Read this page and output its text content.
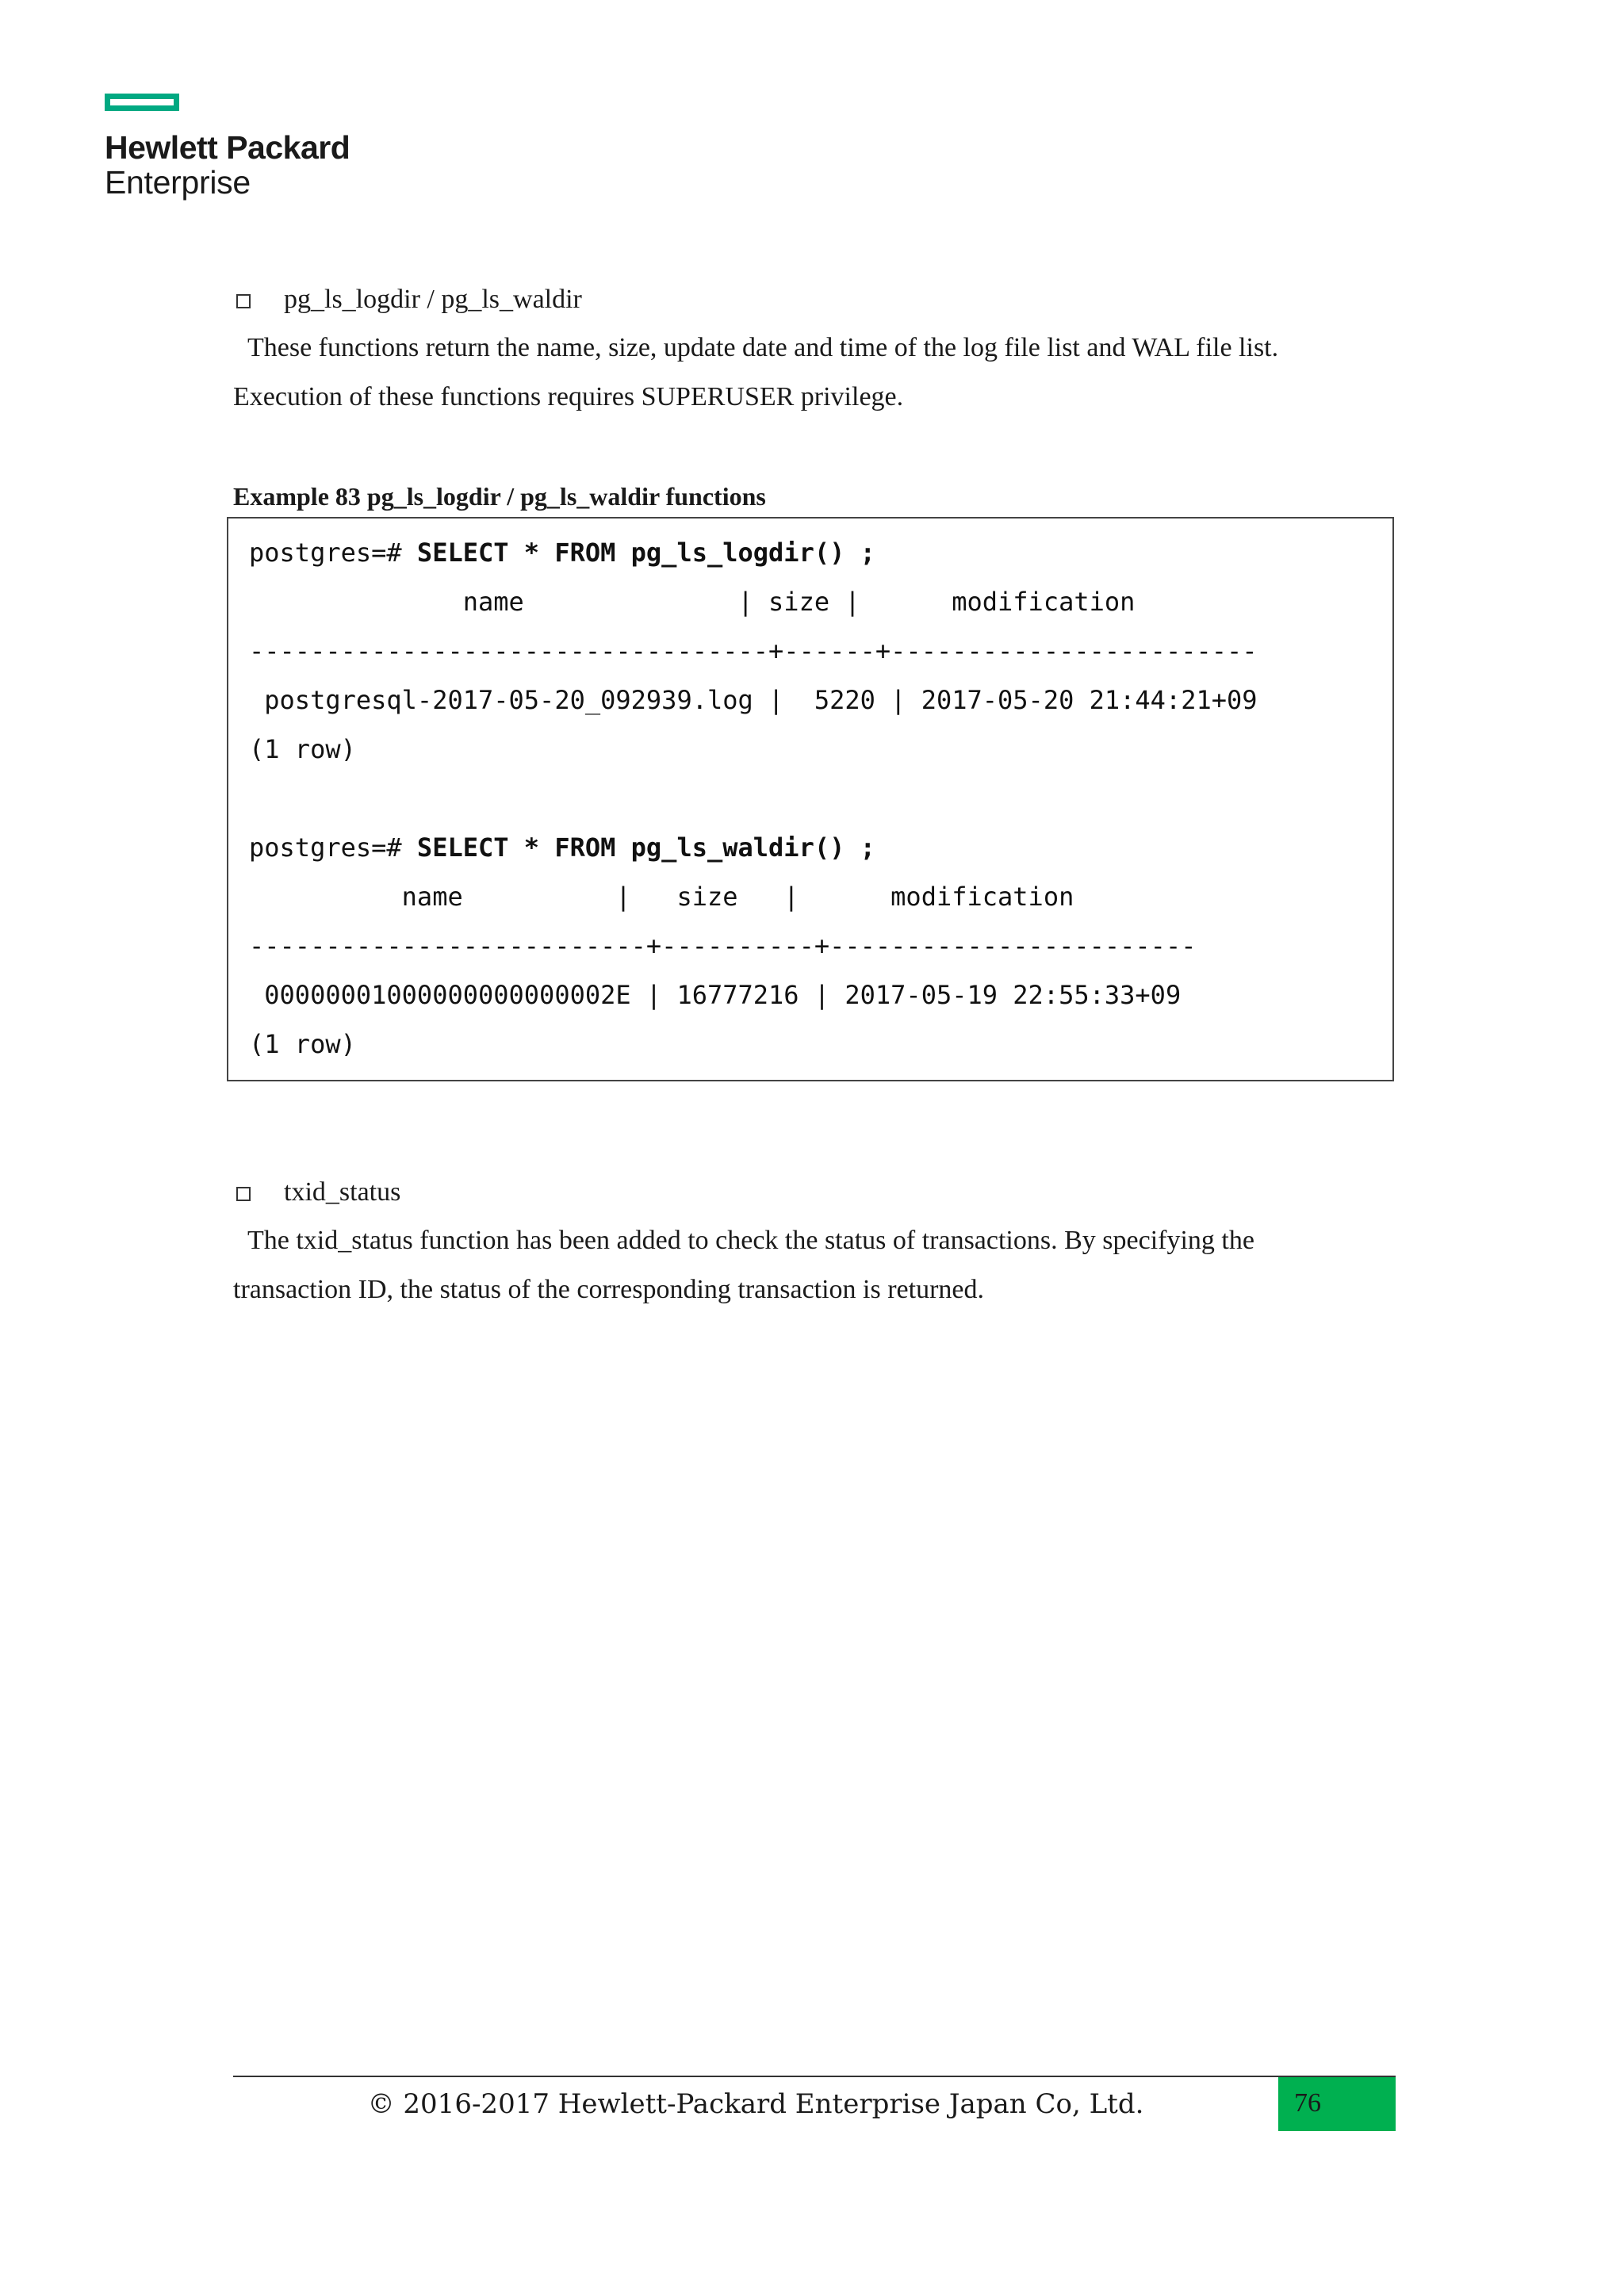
Hewlett Packard
Enterprise
pg_ls_logdir / pg_ls_waldir
These functions return the name, size, update date and time of the log file list and WAL file list.
Execution of these functions requires SUPERUSER privilege.
Example 83 pg_ls_logdir / pg_ls_waldir functions
postgres=# SELECT * FROM pg_ls_logdir() ;
name              | size |      modification
----------------------------------+------+------------------------
postgresql-2017-05-20_092939.log |  5220 | 2017-05-20 21:44:21+09
(1 row)
postgres=# SELECT * FROM pg_ls_waldir() ;
name          |   size   |      modification
--------------------------+----------+------------------------
00000001000000000000002E | 16777216 | 2017-05-19 22:55:33+09
(1 row)
txid_status
The txid_status function has been added to check the status of transactions. By specifying the
transaction ID, the status of the corresponding transaction is returned.
© 2016-2017 Hewlett-Packard Enterprise Japan Co, Ltd.	76
